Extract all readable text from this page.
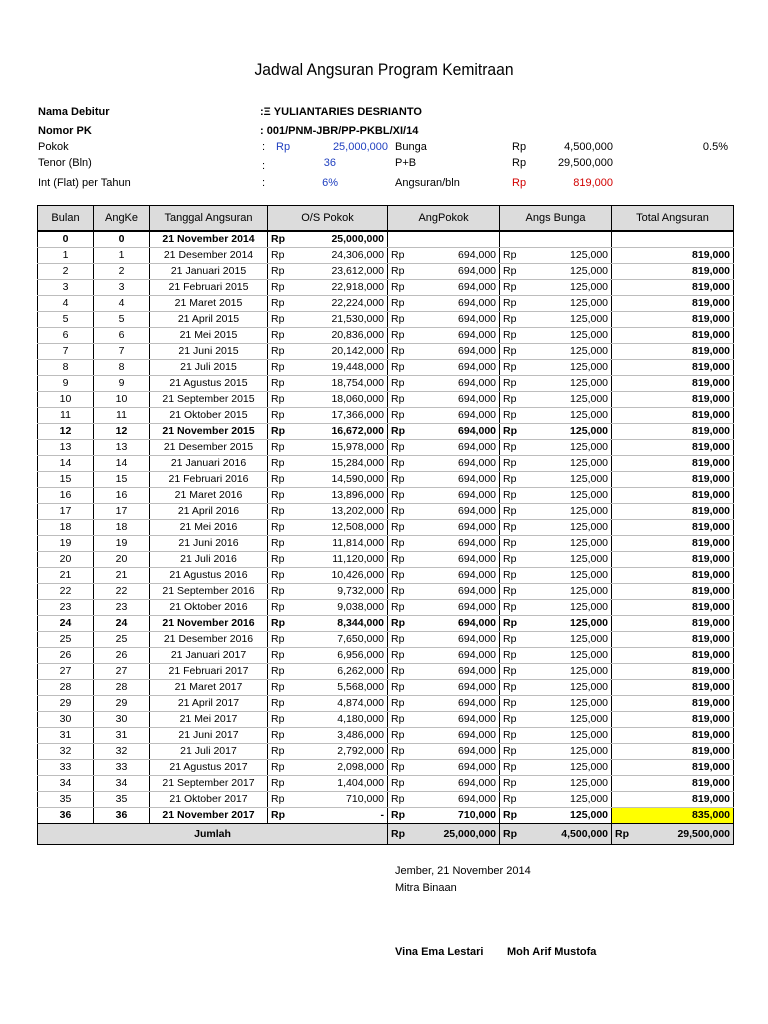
Jadwal Angsuran Program Kemitraan
Nama Debitur	:Ξ YULIANTARIES DESRIANTO
Nomor PK	: 001/PNM-JBR/PP-PKBL/XI/14
Pokok	: Rp	25,000,000
Tenor (Bln)	:	36
Int (Flat) per Tahun	:	6%
Bunga	Rp	4,500,000	0.5%
P+B	Rp	29,500,000
Angsuran/bln	Rp	819,000
Bulan	AngKe	Tanggal Angsuran	O/S Pokok		AngPokok		Angs Bunga		Total Angsuran
0	0	21 November 2014	Rp	25,000,000					
1	1	21 Desember 2014	Rp	24,306,000	Rp	694,000	Rp	125,000	819,000
2	2	21 Januari 2015	Rp	23,612,000	Rp	694,000	Rp	125,000	819,000
3	3	21 Februari 2015	Rp	22,918,000	Rp	694,000	Rp	125,000	819,000
4	4	21 Maret 2015	Rp	22,224,000	Rp	694,000	Rp	125,000	819,000
5	5	21 April 2015	Rp	21,530,000	Rp	694,000	Rp	125,000	819,000
6	6	21 Mei 2015	Rp	20,836,000	Rp	694,000	Rp	125,000	819,000
7	7	21 Juni 2015	Rp	20,142,000	Rp	694,000	Rp	125,000	819,000
8	8	21 Juli 2015	Rp	19,448,000	Rp	694,000	Rp	125,000	819,000
9	9	21 Agustus 2015	Rp	18,754,000	Rp	694,000	Rp	125,000	819,000
10	10	21 September 2015	Rp	18,060,000	Rp	694,000	Rp	125,000	819,000
11	11	21 Oktober 2015	Rp	17,366,000	Rp	694,000	Rp	125,000	819,000
12	12	21 November 2015	Rp	16,672,000	Rp	694,000	Rp	125,000	819,000
13	13	21 Desember 2015	Rp	15,978,000	Rp	694,000	Rp	125,000	819,000
14	14	21 Januari 2016	Rp	15,284,000	Rp	694,000	Rp	125,000	819,000
15	15	21 Februari 2016	Rp	14,590,000	Rp	694,000	Rp	125,000	819,000
16	16	21 Maret 2016	Rp	13,896,000	Rp	694,000	Rp	125,000	819,000
17	17	21 April 2016	Rp	13,202,000	Rp	694,000	Rp	125,000	819,000
18	18	21 Mei 2016	Rp	12,508,000	Rp	694,000	Rp	125,000	819,000
19	19	21 Juni 2016	Rp	11,814,000	Rp	694,000	Rp	125,000	819,000
20	20	21 Juli 2016	Rp	11,120,000	Rp	694,000	Rp	125,000	819,000
21	21	21 Agustus 2016	Rp	10,426,000	Rp	694,000	Rp	125,000	819,000
22	22	21 September 2016	Rp	9,732,000	Rp	694,000	Rp	125,000	819,000
23	23	21 Oktober 2016	Rp	9,038,000	Rp	694,000	Rp	125,000	819,000
24	24	21 November 2016	Rp	8,344,000	Rp	694,000	Rp	125,000	819,000
25	25	21 Desember 2016	Rp	7,650,000	Rp	694,000	Rp	125,000	819,000
26	26	21 Januari 2017	Rp	6,956,000	Rp	694,000	Rp	125,000	819,000
27	27	21 Februari 2017	Rp	6,262,000	Rp	694,000	Rp	125,000	819,000
28	28	21 Maret 2017	Rp	5,568,000	Rp	694,000	Rp	125,000	819,000
29	29	21 April 2017	Rp	4,874,000	Rp	694,000	Rp	125,000	819,000
30	30	21 Mei 2017	Rp	4,180,000	Rp	694,000	Rp	125,000	819,000
31	31	21 Juni 2017	Rp	3,486,000	Rp	694,000	Rp	125,000	819,000
32	32	21 Juli 2017	Rp	2,792,000	Rp	694,000	Rp	125,000	819,000
33	33	21 Agustus 2017	Rp	2,098,000	Rp	694,000	Rp	125,000	819,000
34	34	21 September 2017	Rp	1,404,000	Rp	694,000	Rp	125,000	819,000
35	35	21 Oktober 2017	Rp	710,000	Rp	694,000	Rp	125,000	819,000
36	36	21 November 2017	Rp	-	Rp	710,000	Rp	125,000	835,000
Jumlah					Rp	25,000,000	Rp	4,500,000	Rp 29,500,000
Jember, 21 November 2014
Mitra Binaan
Vina Ema Lestari Moh Arif Mustofa
